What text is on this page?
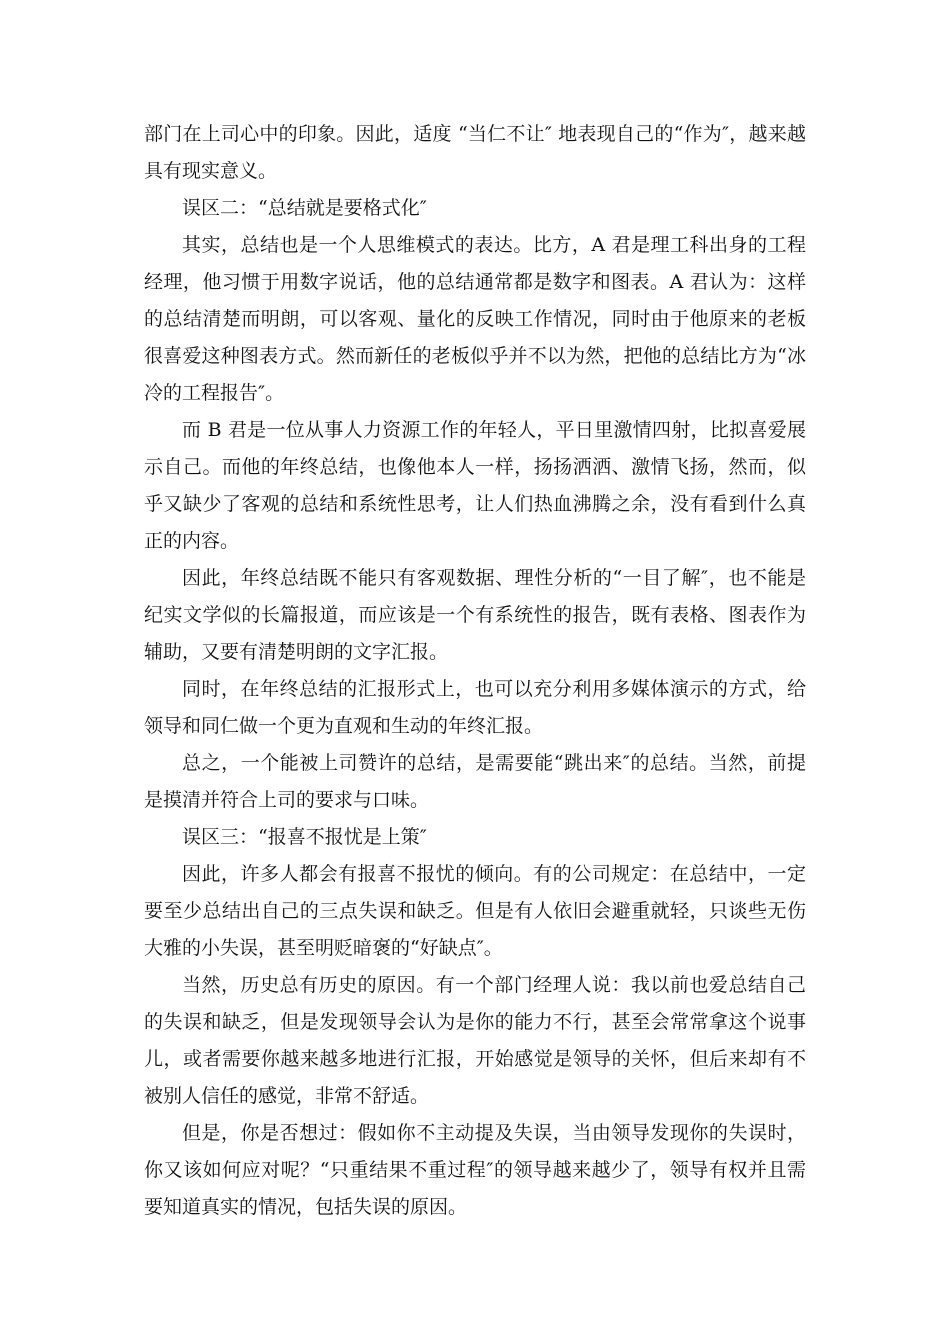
部门在上司心中的印象。因此，适度 “当仁不让″ 地表现自己的“作为″，越来越具有现实意义。

误区二：“总结就是要格式化″

其实，总结也是一个人思维模式的表达。比方，A 君是理工科出身的工程经理，他习惯于用数字说话，他的总结通常都是数字和图表。A 君认为：这样的总结清楚而明朗，可以客观、量化的反映工作情况，同时由于他原来的老板很喜爱这种图表方式。然而新任的老板似乎并不以为然，把他的总结比方为“冰冷的工程报告″。

而 B 君是一位从事人力资源工作的年轻人，平日里激情四射，比拟喜爱展示自己。而他的年终总结，也像他本人一样，扬扬洒洒、激情飞扬，然而，似乎又缺少了客观的总结和系统性思考，让人们热血沸腾之余，没有看到什么真正的内容。

因此，年终总结既不能只有客观数据、理性分析的“一目了解″，也不能是纪实文学似的长篇报道，而应该是一个有系统性的报告，既有表格、图表作为辅助，又要有清楚明朗的文字汇报。

同时，在年终总结的汇报形式上，也可以充分利用多媒体演示的方式，给领导和同仁做一个更为直观和生动的年终汇报。

总之，一个能被上司赞许的总结，是需要能“跳出来″的总结。当然，前提是摸清并符合上司的要求与口味。

误区三：“报喜不报忧是上策″

因此，许多人都会有报喜不报忧的倾向。有的公司规定：在总结中，一定要至少总结出自己的三点失误和缺乏。但是有人依旧会避重就轻，只谈些无伤大雅的小失误，甚至明贬暗褒的“好缺点″。

当然，历史总有历史的原因。有一个部门经理人说：我以前也爱总结自己的失误和缺乏，但是发现领导会认为是你的能力不行，甚至会常常拿这个说事儿，或者需要你越来越多地进行汇报，开始感觉是领导的关怀，但后来却有不被别人信任的感觉，非常不舒适。

但是，你是否想过：假如你不主动提及失误，当由领导发现你的失误时，你又该如何应对呢？“只重结果不重过程″的领导越来越少了，领导有权并且需要知道真实的情况，包括失误的原因。
